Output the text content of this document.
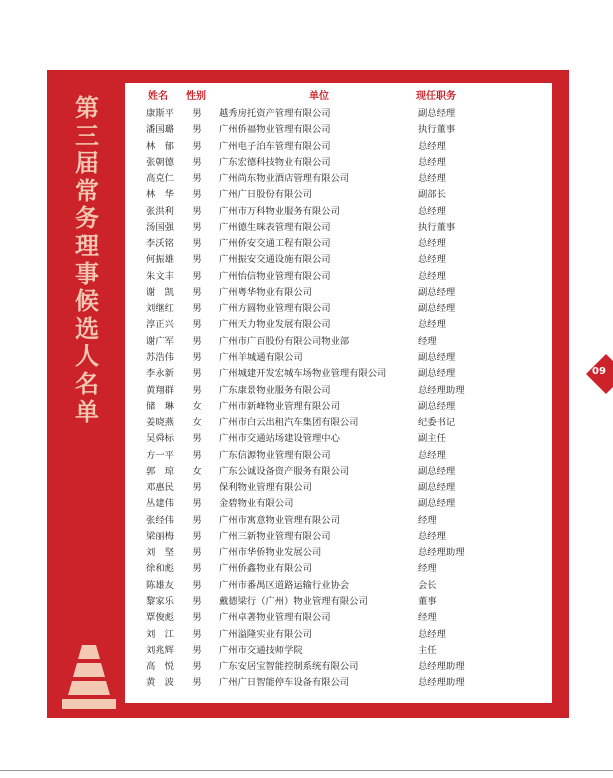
第三届常务理事候选人名单
姓名 性别	单位	现任职务
康斯平	男 越秀房托资产管理有限公司	副总经理
潘国璐	男 广州侨福物业管理有限公司	执行董事
林　郁	男 广州电子泊车管理有限公司	总经理
张朝德	男 广东宏德科技物业有限公司	总经理
高克仁	男 广州尚东物业酒店管理有限公司	总经理
林　华	男 广州广日股份有限公司	副部长
张洪利	男 广州市万科物业服务有限公司	总经理
汤国强	男 广州德生咪表管理有限公司	执行董事
李沃铭	男 广州侨安交通工程有限公司	总经理
何振雄	男 广州振安交通设施有限公司	总经理
朱文丰	男 广州怡信物业管理有限公司	总经理
谢　凯	男 广州粤华物业有限公司	副总经理
刘继红	男 广州方圆物业管理有限公司	副总经理
淳正兴	男 广州天力物业发展有限公司	总经理
谢广军	男 广州市广百股份有限公司物业部	经理
苏浩伟	男 广州羊城通有限公司	副总经理
李永新	男 广州城建开发宏城车场物业管理有限公司	副总经理
黄翔群	男 广东康景物业服务有限公司	总经理助理
储　琳	女 广州市新峰物业管理有限公司	副总经理
姜晓燕	女 广州市白云出租汽车集团有限公司	纪委书记
吴舜标	男 广州市交通站场建设管理中心	副主任
方一平	男 广东信源物业管理有限公司	总经理
郭　琼	女 广东公诚设备资产服务有限公司	副总经理
邓惠民	男 保利物业管理有限公司	副总经理
丛建伟	男 金碧物业有限公司	副总经理
张经伟	男 广州市寓意物业管理有限公司	经理
梁丽梅	男 广州三新物业管理有限公司	总经理
刘　坚	男 广州市华侨物业发展公司	总经理助理
徐和彪	男 广州侨鑫物业有限公司	经理
陈雄友	男 广州市番禺区道路运输行业协会	会长
黎家乐	男 戴德梁行（广州）物业管理有限公司	董事
覃俊彪	男 广州卓著物业管理有限公司	经理
刘　江	男 广州溢隆实业有限公司	总经理
刘兆辉	男 广州市交通技师学院	主任
高　悦	男 广东安居宝智能控制系统有限公司	总经理助理
黄　波	男 广州广日智能停车设备有限公司	总经理助理
09
